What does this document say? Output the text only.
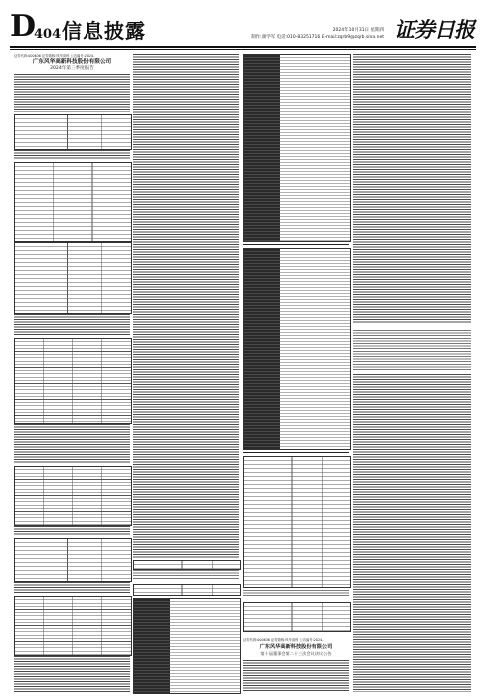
D
404 信息披露	2024年10月31日 星期四
制作:颜学军 电话:010-83251716 E-mail:zqrb9@zqrb.sina.net 证券日报
证券代码:000636 证券简称:风华高科 公告编号:2024-
广东风华高新科技股份有限公司
2024年第三季度报告
证券代码:000636 证券简称:风华高科 公告编号:2024-
广东风华高新科技股份有限公司
第十届董事会第二十三次会议决议公告
